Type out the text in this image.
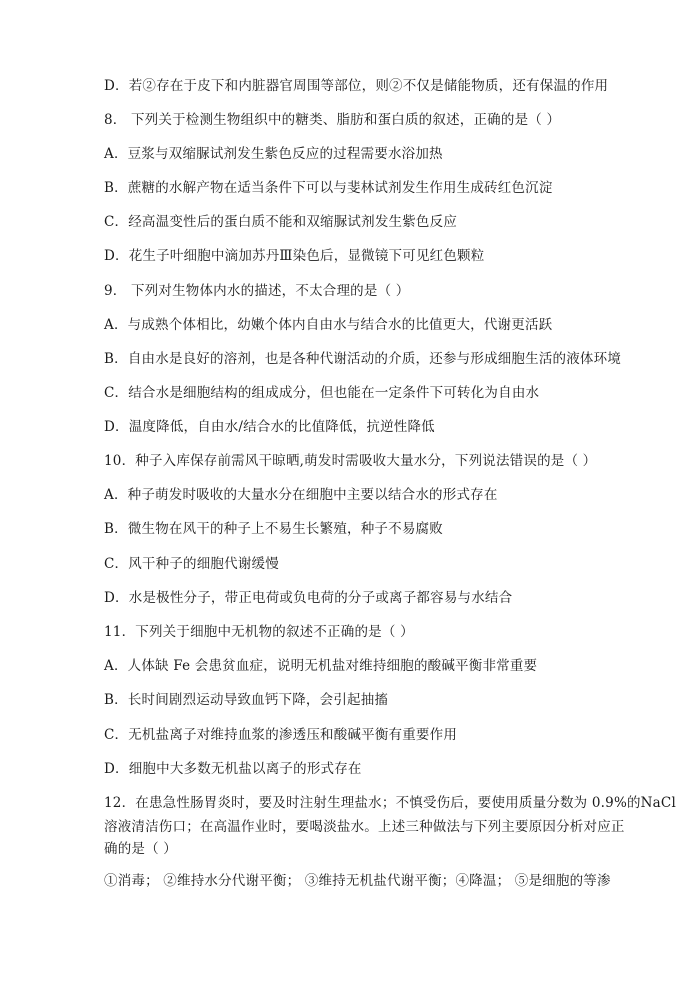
D．若②存在于皮下和内脏器官周围等部位，则②不仅是储能物质，还有保温的作用
8． 下列关于检测生物组织中的糖类、脂肪和蛋白质的叙述，正确的是（ ）
A．豆浆与双缩脲试剂发生紫色反应的过程需要水浴加热
B．蔗糖的水解产物在适当条件下可以与斐林试剂发生作用生成砖红色沉淀
C．经高温变性后的蛋白质不能和双缩脲试剂发生紫色反应
D．花生子叶细胞中滴加苏丹Ⅲ染色后，显微镜下可见红色颗粒
9． 下列对生物体内水的描述，不太合理的是（ ）
A．与成熟个体相比，幼嫩个体内自由水与结合水的比值更大，代谢更活跃
B．自由水是良好的溶剂，也是各种代谢活动的介质，还参与形成细胞生活的液体环境
C．结合水是细胞结构的组成成分，但也能在一定条件下可转化为自由水
D．温度降低，自由水/结合水的比值降低，抗逆性降低
10．种子入库保存前需风干晾晒,萌发时需吸收大量水分，下列说法错误的是（ ）
A．种子萌发时吸收的大量水分在细胞中主要以结合水的形式存在
B．微生物在风干的种子上不易生长繁殖，种子不易腐败
C．风干种子的细胞代谢缓慢
D．水是极性分子，带正电荷或负电荷的分子或离子都容易与水结合
11．下列关于细胞中无机物的叙述不正确的是（ ）
A．人体缺 Fe 会患贫血症，说明无机盐对维持细胞的酸碱平衡非常重要
B．长时间剧烈运动导致血钙下降，会引起抽搐
C．无机盐离子对维持血浆的渗透压和酸碱平衡有重要作用
D．细胞中大多数无机盐以离子的形式存在
12．在患急性肠胃炎时，要及时注射生理盐水；不慎受伤后，要使用质量分数为 0.9%的NaCl
溶液清洁伤口；在高温作业时，要喝淡盐水。上述三种做法与下列主要原因分析对应正
确的是（ ）
①消毒； ②维持水分代谢平衡； ③维持无机盐代谢平衡；④降温； ⑤是细胞的等渗
